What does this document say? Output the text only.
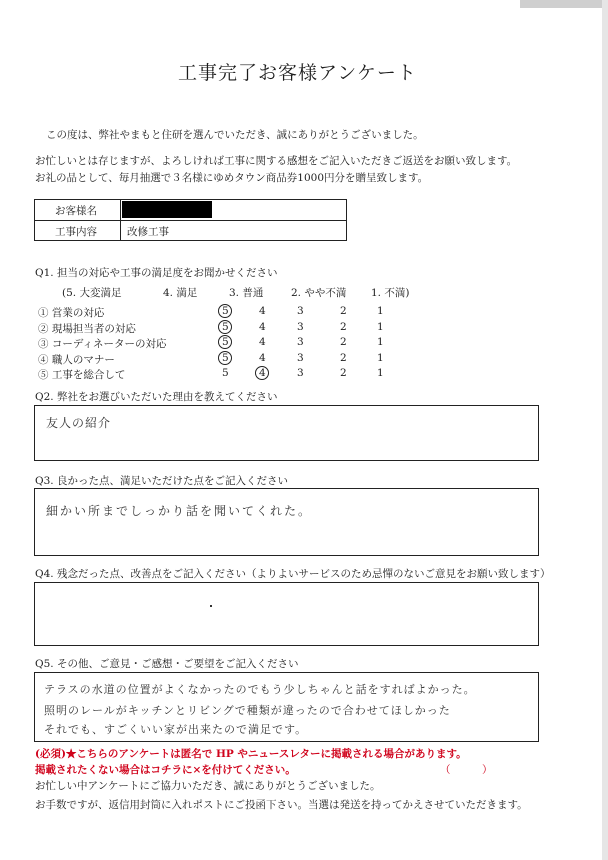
工事完了お客様アンケート
この度は、弊社やまもと住研を選んでいただき、誠にありがとうございました。
お忙しいとは存じますが、よろしければ工事に関する感想をご記入いただきご返送をお願い致します。
お礼の品として、毎月抽選で３名様にゆめタウン商品券1000円分を贈呈致します。
お客様名
工事内容	改修工事
Q1. 担当の対応や工事の満足度をお聞かせください
(5. 大変満足	4. 満足	3. 普通	2. やや不満 1. 不満)
① 営業の対応	5	4	3	2	1
② 現場担当者の対応	5	4	3	2	1
③ コーディネーターの対応	5	4	3	2	1
④ 職人のマナー	5	4	3	2	1
⑤ 工事を総合して	5	4	3	2	1
Q2. 弊社をお選びいただいた理由を教えてください
友人の紹介
Q3. 良かった点、満足いただけた点をご記入ください
細かい所までしっかり話を聞いてくれた。
Q4. 残念だった点、改善点をご記入ください（よりよいサービスのため忌憚のないご意見をお願い致します）
Q5. その他、ご意見・ご感想・ご要望をご記入ください
テラスの水道の位置がよくなかったのでもう少しちゃんと話をすればよかった。
照明のレールがキッチンとリビングで種類が違ったので合わせてほしかった
それでも、すごくいい家が出来たので満足です。
(必須)★こちらのアンケートは匿名で HP やニュースレターに掲載される場合があります。
掲載されたくない場合はコチラに×を付けてください。	（　　　）
お忙しい中アンケートにご協力いただき、誠にありがとうございました。
お手数ですが、返信用封筒に入れポストにご投函下さい。当選は発送を持ってかえさせていただきます。
